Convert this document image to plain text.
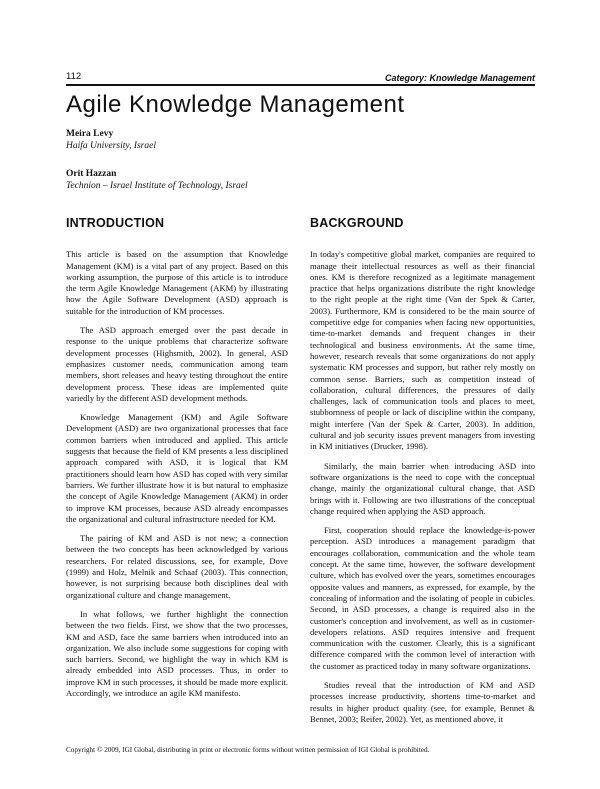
112	Category: Knowledge Management
Agile Knowledge Management
Meira Levy
Haifa University, Israel
Orit Hazzan
Technion – Israel Institute of Technology, Israel
INTRODUCTION

This article is based on the assumption that Knowledge Management (KM) is a vital part of any project. Based on this working assumption, the purpose of this article is to introduce the term Agile Knowledge Management (AKM) by illustrating how the Agile Software Development (ASD) approach is suitable for the introduction of KM processes.

The ASD approach emerged over the past decade in response to the unique problems that characterize software development processes (Highsmith, 2002). In general, ASD emphasizes customer needs, communication among team members, short releases and heavy testing throughout the entire development process. These ideas are implemented quite variedly by the different ASD development methods.

Knowledge Management (KM) and Agile Software Development (ASD) are two organizational processes that face common barriers when introduced and applied. This article suggests that because the field of KM presents a less disciplined approach compared with ASD, it is logical that KM practitioners should learn how ASD has coped with very similar barriers. We further illustrate how it is but natural to emphasize the concept of Agile Knowledge Management (AKM) in order to improve KM processes, because ASD already encompasses the organizational and cultural infrastructure needed for KM.

The pairing of KM and ASD is not new; a connection between the two concepts has been acknowledged by various researchers. For related discussions, see, for example, Dove (1999) and Holz, Melnik and Schaaf (2003). This connection, however, is not surprising because both disciplines deal with organizational culture and change management.

In what follows, we further highlight the connection between the two fields. First, we show that the two processes, KM and ASD, face the same barriers when introduced into an organization. We also include some suggestions for coping with such barriers. Second, we highlight the way in which KM is already embedded into ASD processes. Thus, in order to improve KM in such processes, it should be made more explicit. Accordingly, we introduce an agile KM manifesto.

BACKGROUND

In today's competitive global market, companies are required to manage their intellectual resources as well as their financial ones. KM is therefore recognized as a legitimate management practice that helps organizations distribute the right knowledge to the right people at the right time (Van der Spek & Carter, 2003). Furthermore, KM is considered to be the main source of competitive edge for companies when facing new opportunities, time-to-market demands and frequent changes in their technological and business environments. At the same time, however, research reveals that some organizations do not apply systematic KM processes and support, but rather rely mostly on common sense. Barriers, such as competition instead of collaboration, cultural differences, the pressures of daily challenges, lack of communication tools and places to meet, stubbornness of people or lack of discipline within the company, might interfere (Van der Spek & Carter, 2003). In addition, cultural and job security issues prevent managers from investing in KM initiatives (Drucker, 1998).

Similarly, the main barrier when introducing ASD into software organizations is the need to cope with the conceptual change, mainly the organizational cultural change, that ASD brings with it. Following are two illustrations of the conceptual change required when applying the ASD approach.

First, cooperation should replace the knowledge-is-power perception. ASD introduces a management paradigm that encourages collaboration, communication and the whole team concept. At the same time, however, the software development culture, which has evolved over the years, sometimes encourages opposite values and manners, as expressed, for example, by the concealing of information and the isolating of people in cubicles. Second, in ASD processes, a change is required also in the customer's conception and involvement, as well as in customer-developers relations. ASD requires intensive and frequent communication with the customer. Clearly, this is a significant difference compared with the common level of interaction with the customer as practiced today in many software organizations.

Studies reveal that the introduction of KM and ASD processes increase productivity, shortens time-to-market and results in higher product quality (see, for example, Bennet & Bennet, 2003; Reifer, 2002). Yet, as mentioned above, it

Copyright © 2009, IGI Global, distributing in print or electronic forms without written permission of IGI Global is prohibited.
